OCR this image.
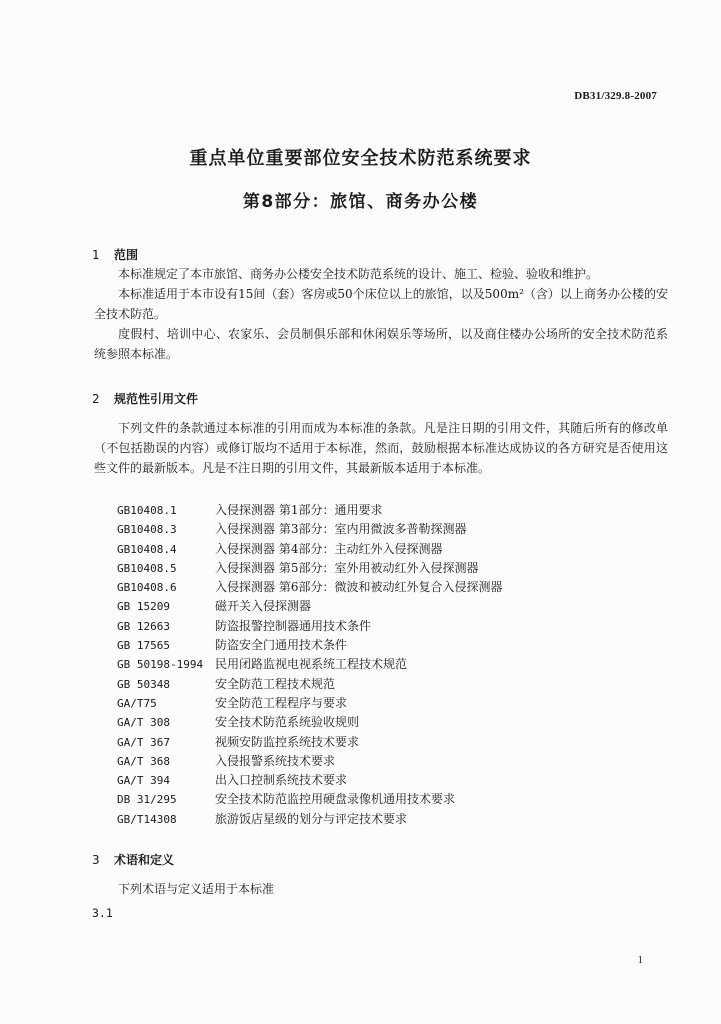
DB31/329.8-2007
重点单位重要部位安全技术防范系统要求
第8部分：旅馆、商务办公楼
1 范围

本标准规定了本市旅馆、商务办公楼安全技术防范系统的设计、施工、检验、验收和维护。

本标准适用于本市设有15间（套）客房或50个床位以上的旅馆，以及500m²（含）以上商务办公楼的安全技术防范。

度假村、培训中心、农家乐、会员制俱乐部和休闲娱乐等场所，以及商住楼办公场所的安全技术防范系统参照本标准。

2 规范性引用文件

下列文件的条款通过本标准的引用而成为本标准的条款。凡是注日期的引用文件，其随后所有的修改单（不包括勘误的内容）或修订版均不适用于本标准，然而，鼓励根据本标准达成协议的各方研究是否使用这些文件的最新版本。凡是不注日期的引用文件，其最新版本适用于本标准。

GB10408.1	入侵探测器 第1部分：通用要求
GB10408.3	入侵探测器 第3部分：室内用微波多普勒探测器
GB10408.4	入侵探测器 第4部分：主动红外入侵探测器
GB10408.5	入侵探测器 第5部分：室外用被动红外入侵探测器
GB10408.6	入侵探测器 第6部分：微波和被动红外复合入侵探测器
GB 15209	磁开关入侵探测器
GB 12663	防盗报警控制器通用技术条件
GB 17565	防盗安全门通用技术条件
GB 50198-1994 民用闭路监视电视系统工程技术规范
GB 50348	安全防范工程技术规范
GA/T75	安全防范工程程序与要求
GA/T 308	安全技术防范系统验收规则
GA/T 367	视频安防监控系统技术要求
GA/T 368	入侵报警系统技术要求
GA/T 394	出入口控制系统技术要求
DB 31/295	安全技术防范监控用硬盘录像机通用技术要求
GB/T14308	旅游饭店星级的划分与评定技术要求
3 术语和定义

下列术语与定义适用于本标准

3.1
1
